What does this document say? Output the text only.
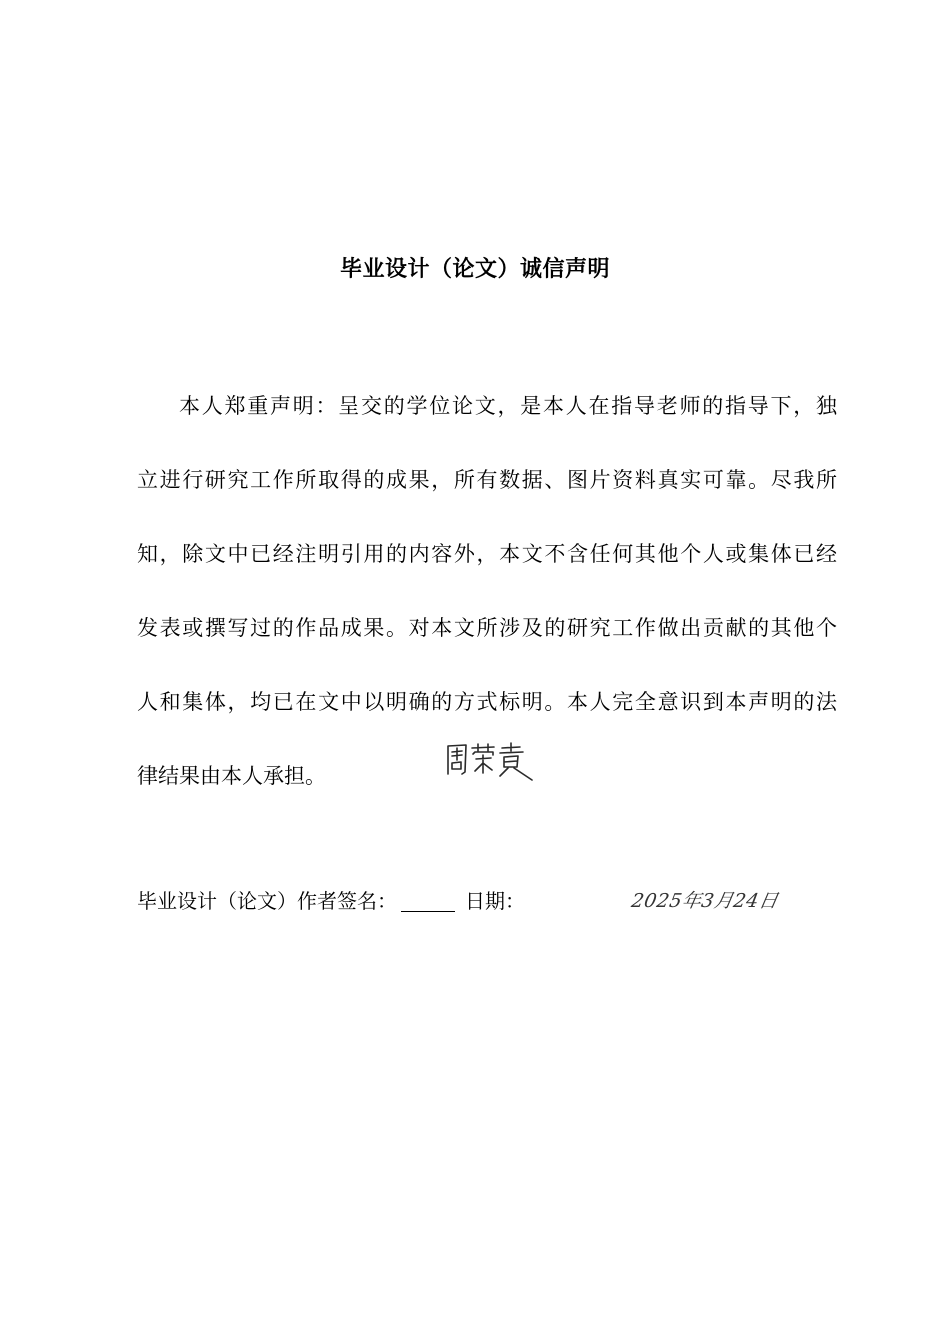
毕业设计（论文）诚信声明
本人郑重声明：呈交的学位论文，是本人在指导老师的指导下，独
立进行研究工作所取得的成果，所有数据、图片资料真实可靠。尽我所
知，除文中已经注明引用的内容外，本文不含任何其他个人或集体已经
发表或撰写过的作品成果。对本文所涉及的研究工作做出贡献的其他个
人和集体，均已在文中以明确的方式标明。本人完全意识到本声明的法
律结果由本人承担。
毕业设计（论文）作者签名：	日期：	2025年3月24日
